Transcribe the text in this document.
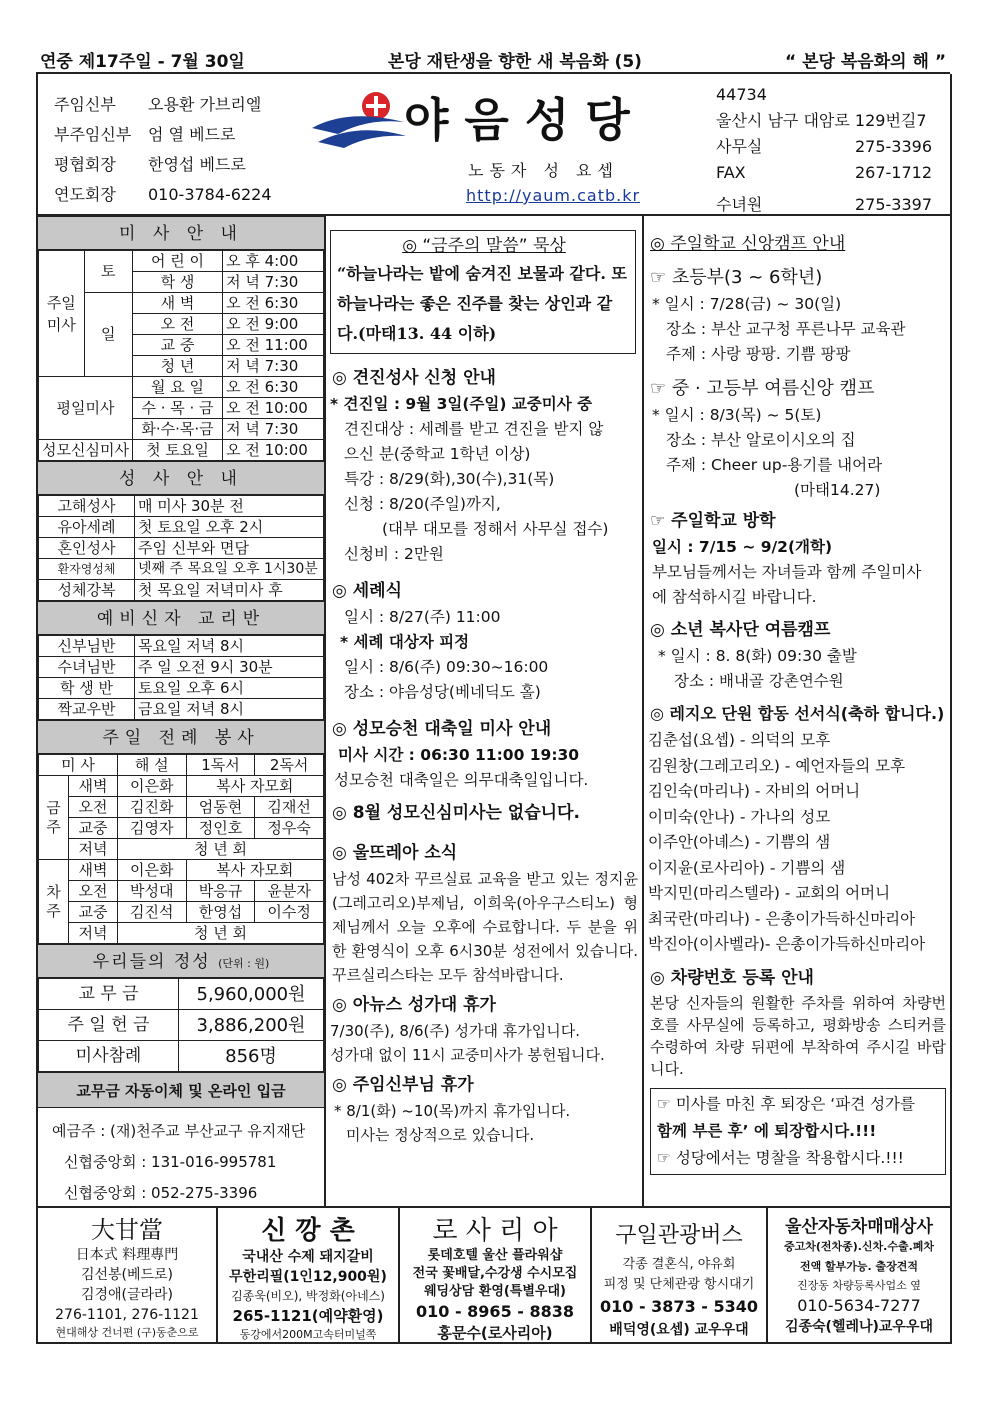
연중 제17주일 - 7월 30일	본당 재탄생을 향한 새 복음화 (5)	“ 본당 복음화의 해 ”
주임신부	오용환 가브리엘
부주임신부	엄 열 베드로
평협회장	한영섭 베드로
연도회장	010-3784-6224
야음성당
노동자 성 요셉
http://yaum.catb.kr
44734
울산시 남구 대암로 129번길7
사무실	275-3396
FAX	267-1712
수녀원	275-3397
미 사 안 내
주일미사	토	어 린 이	오 후 4:00
		학 생	저 녁 7:30
	일	새 벽	오 전 6:30
		오 전	오 전 9:00
		교 중	오 전 11:00
		청 년	저 녁 7:30
평일미사		월 요 일	오 전 6:30
		수 · 목 · 금	오 전 10:00
		화·수·목·금	저 녁 7:30
성모신심미사		첫 토요일	오 전 10:00
성 사 안 내
고해성사	매 미사 30분 전
유아세례	첫 토요일 오후 2시
혼인성사	주임 신부와 면담
환자영성체	넷째 주 목요일 오후 1시30분
성체강복	첫 목요일 저녁미사 후
예비신자 교리반
신부님반	목요일 저녁 8시
수녀님반	주 일 오전 9시 30분
학 생 반	토요일 오후 6시
짝교우반	금요일 저녁 8시
주일 전례 봉사
미 사		해 설	1독서	2독서
금주	새벽	이은화	복사 자모회	
	오전	김진화	엄동현	김재선
	교중	김영자	정인호	정우숙
	저녁	청 년 회		
차주	새벽	이은화	복사 자모회	
	오전	박성대	박응규	윤분자
	교중	김진석	한영섭	이수정
	저녁	청 년 회		
우리들의 정성 (단위 : 원)
교 무 금	5,960,000원
주 일 헌 금	3,886,200원
미사참례	856명
교무금 자동이체 및 온라인 입금
예금주 : (재)천주교 부산교구 유지재단
신협중앙회 : 131-016-995781
신협중앙회 : 052-275-3396
◎ “금주의 말씀” 묵상
“하늘나라는 밭에 숨겨진 보물과 같다. 또 하늘나라는 좋은 진주를 찾는 상인과 같다.(마태13. 44 이하)
◎ 견진성사 신청 안내
* 견진일 : 9월 3일(주일) 교중미사 중
견진대상 : 세례를 받고 견진을 받지 않
으신 분(중학교 1학년 이상)
특강 : 8/29(화),30(수),31(목)
신청 : 8/20(주일)까지,
(대부 대모를 정해서 사무실 접수)
신청비 : 2만원
◎ 세례식
일시 : 8/27(주) 11:00
* 세례 대상자 피정
일시 : 8/6(주) 09:30~16:00
장소 : 야음성당(베네딕도 홀)
◎ 성모승천 대축일 미사 안내
미사 시간 : 06:30 11:00 19:30
성모승천 대축일은 의무대축일입니다.
◎ 8월 성모신심미사는 없습니다.
◎ 울뜨레아 소식
남성 402차 꾸르실료 교육을 받고 있는 정지윤(그레고리오)부제님, 이희욱(아우구스티노) 형제님께서 오늘 오후에 수료합니다. 두 분을 위한 환영식이 오후 6시30분 성전에서 있습니다. 꾸르실리스타는 모두 참석바랍니다.
◎ 아뉴스 성가대 휴가
7/30(주), 8/6(주) 성가대 휴가입니다.
성가대 없이 11시 교중미사가 봉헌됩니다.
◎ 주임신부님 휴가
* 8/1(화) ~10(목)까지 휴가입니다.
미사는 정상적으로 있습니다.
◎ 주일학교 신앙캠프 안내
☞ 초등부(3 ~ 6학년)
* 일시 : 7/28(금) ~ 30(일)
장소 : 부산 교구청 푸른나무 교육관
주제 : 사랑 팡팡. 기쁨 팡팡
☞ 중 · 고등부 여름신앙 캠프
* 일시 : 8/3(목) ~ 5(토)
장소 : 부산 알로이시오의 집
주제 : Cheer up-용기를 내어라
(마태14.27)
☞ 주일학교 방학
일시 : 7/15 ~ 9/2(개학)
부모님들께서는 자녀들과 함께 주일미사
에 참석하시길 바랍니다.
◎ 소년 복사단 여름캠프
* 일시 : 8. 8(화) 09:30 출발
장소 : 배내골 강촌연수원
◎ 레지오 단원 합동 선서식(축하 합니다.)
김춘섭(요셉) - 의덕의 모후
김원창(그레고리오) - 예언자들의 모후
김인숙(마리나) - 자비의 어머니
이미숙(안나) - 가나의 성모
이주안(아녜스) - 기쁨의 샘
이지윤(로사리아) - 기쁨의 샘
박지민(마리스텔라) - 교회의 어머니
최국란(마리나) - 은총이가득하신마리아
박진아(이사벨라)- 은총이가득하신마리아
◎ 차량번호 등록 안내
본당 신자들의 원활한 주차를 위하여 차량번호를 사무실에 등록하고, 평화방송 스티커를 수령하여 차량 뒤편에 부착하여 주시길 바랍니다.
☞ 미사를 마친 후 퇴장은 ‘파견 성가를
함께 부른 후’ 에 퇴장합시다.!!!
☞ 성당에서는 명찰을 착용합시다.!!!
大甘當
日本式 料理專門
김선봉(베드로)
김경애(글라라)
276-1101, 276-1121
현대해상 건너편 (구)동춘으로
신 깡 촌
국내산 수제 돼지갈비
무한리필(1인12,900원)
김종욱(비오), 박정화(아네스)
265-1121(예약환영)
동강에서200M고속터미널쪽
로 사 리 아
롯데호텔 울산 플라워샵
전국 꽃배달,수강생 수시모집
웨딩상담 환영(특별우대)
010 - 8965 - 8838
홍문수(로사리아)
구일관광버스
각종 결혼식, 야유회
피정 및 단체관광 항시대기
010 - 3873 - 5340
배덕영(요셉) 교우우대
울산자동차매매상사
중고차(전차종).신차.수출.폐차
전액 할부가능. 출장견적
진장동 차량등록사업소 옆
010-5634-7277
김종숙(헬레나)교우우대
